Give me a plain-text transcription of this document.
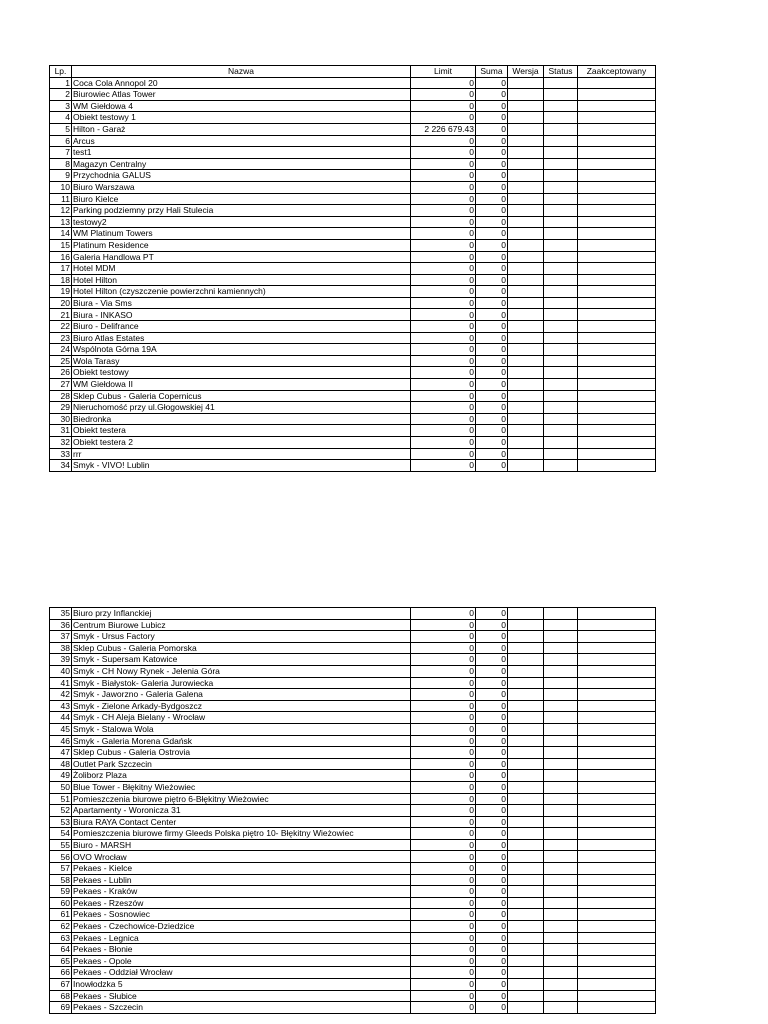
Lp.	Nazwa	Limit	Suma	Wersja	Status	Zaakceptowany
1	Coca Cola Annopol 20	0	0			
2	Biurowiec Atlas Tower	0	0			
3	WM Giełdowa 4	0	0			
4	Obiekt testowy 1	0	0			
5	Hilton - Garaż	2 226 679.43	0			
6	Arcus	0	0			
7	test1	0	0			
8	Magazyn Centralny	0	0			
9	Przychodnia GALUS	0	0			
10	Biuro Warszawa	0	0			
11	Biuro Kielce	0	0			
12	Parking podziemny przy Hali Stulecia	0	0			
13	testowy2	0	0			
14	WM Platinum Towers	0	0			
15	Platinum Residence	0	0			
16	Galeria Handlowa PT	0	0			
17	Hotel MDM	0	0			
18	Hotel Hilton	0	0			
19	Hotel Hilton (czyszczenie powierzchni kamiennych)	0	0			
20	Biura - Via Sms	0	0			
21	Biura - INKASO	0	0			
22	Biuro - Delifrance	0	0			
23	Biuro Atlas Estates	0	0			
24	Wspólnota Górna 19A	0	0			
25	Wola Tarasy	0	0			
26	Obiekt testowy	0	0			
27	WM Giełdowa II	0	0			
28	Sklep Cubus - Galeria Copernicus	0	0			
29	Nieruchomość przy ul.Głogowskiej 41	0	0			
30	Biedronka	0	0			
31	Obiekt testera	0	0			
32	Obiekt testera 2	0	0			
33	rrr	0	0			
34	Smyk - VIVO! Lublin	0	0			
35	Biuro przy Inflanckiej	0	0			
36	Centrum Biurowe Lubicz	0	0			
37	Smyk - Ursus Factory	0	0			
38	Sklep Cubus - Galeria Pomorska	0	0			
39	Smyk - Supersam Katowice	0	0			
40	Smyk - CH Nowy Rynek - Jelenia Góra	0	0			
41	Smyk - Białystok- Galeria Jurowiecka	0	0			
42	Smyk - Jaworzno - Galeria Galena	0	0			
43	Smyk - Zielone Arkady-Bydgoszcz	0	0			
44	Smyk - CH Aleja Bielany - Wrocław	0	0			
45	Smyk - Stalowa Wola	0	0			
46	Smyk - Galeria Morena Gdańsk	0	0			
47	Sklep Cubus - Galeria Ostrovia	0	0			
48	Outlet Park Szczecin	0	0			
49	Żoliborz Plaza	0	0			
50	Blue Tower - Błękitny Wieżowiec	0	0			
51	Pomieszczenia biurowe piętro 6-Błękitny Wieżowiec	0	0			
52	Apartamenty - Woronicza 31	0	0			
53	Biura RAYA Contact Center	0	0			
54	Pomieszczenia biurowe firmy Gleeds Polska piętro 10- Błękitny Wieżowiec	0	0			
55	Biuro - MARSH	0	0			
56	OVO Wrocław	0	0			
57	Pekaes - Kielce	0	0			
58	Pekaes - Lublin	0	0			
59	Pekaes - Kraków	0	0			
60	Pekaes - Rzeszów	0	0			
61	Pekaes - Sosnowiec	0	0			
62	Pekaes - Czechowice-Dziedzice	0	0			
63	Pekaes - Legnica	0	0			
64	Pekaes - Błonie	0	0			
65	Pekaes - Opole	0	0			
66	Pekaes - Oddział Wrocław	0	0			
67	Inowłodzka 5	0	0			
68	Pekaes - Słubice	0	0			
69	Pekaes - Szczecin	0	0			
